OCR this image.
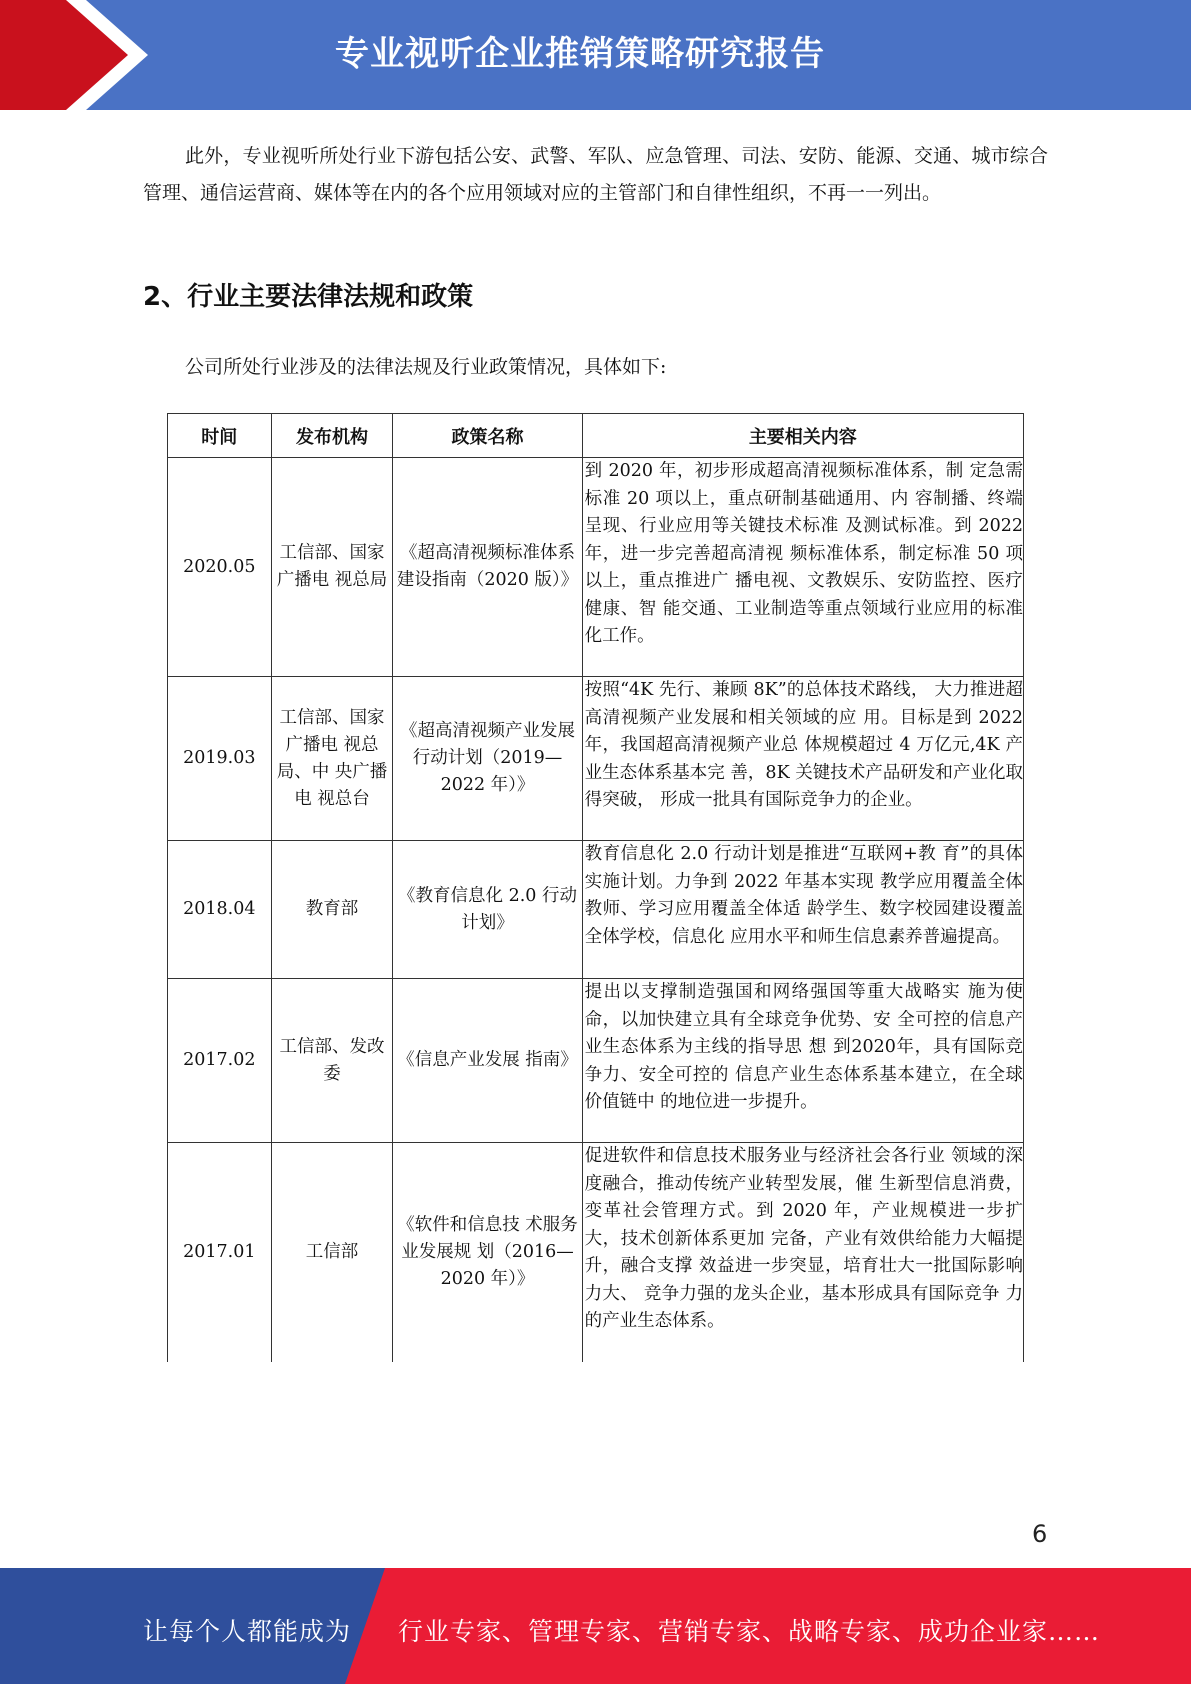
专业视听企业推销策略研究报告
此外，专业视听所处行业下游包括公安、武警、军队、应急管理、司法、安防、能源、交通、城市综合管理、通信运营商、媒体等在内的各个应用领域对应的主管部门和自律性组织，不再一一列出。
2、行业主要法律法规和政策
公司所处行业涉及的法律法规及行业政策情况，具体如下:
时间	发布机构	政策名称	主要相关内容
2020.05	工信部、国家广播电 视总局	《超高清视频标准体系建设指南（2020 版）》	到 2020 年，初步形成超高清视频标准体系，制 定急需标准 20 项以上，重点研制基础通用、内 容制播、终端呈现、行业应用等关键技术标准 及测试标准。到 2022 年，进一步完善超高清视 频标准体系，制定标准 50 项以上，重点推进广 播电视、文教娱乐、安防监控、医疗健康、智 能交通、工业制造等重点领域行业应用的标准 化工作。
2019.03	工信部、国家广播电 视总局、中 央广播电 视总台	《超高清视频产业发展行动计划（2019—2022 年）》	按照“4K 先行、兼顾 8K”的总体技术路线， 大力推进超高清视频产业发展和相关领域的应 用。目标是到 2022 年，我国超高清视频产业总 体规模超过 4 万亿元,4K 产业生态体系基本完 善，8K 关键技术产品研发和产业化取得突破， 形成一批具有国际竞争力的企业。
2018.04	教育部	《教育信息化 2.0 行动计划》	教育信息化 2.0 行动计划是推进“互联网+教 育”的具体实施计划。力争到 2022 年基本实现 教学应用覆盖全体教师、学习应用覆盖全体适 龄学生、数字校园建设覆盖全体学校，信息化 应用水平和师生信息素养普遍提高。
2017.02	工信部、发改委	《信息产业发展 指南》	提出以支撑制造强国和网络强国等重大战略实 施为使命，以加快建立具有全球竞争优势、安 全可控的信息产业生态体系为主线的指导思 想 到2020年，具有国际竞争力、安全可控的 信息产业生态体系基本建立，在全球价值链中 的地位进一步提升。
2017.01	工信部	《软件和信息技 术服务业发展规 划（2016— 2020 年）》	促进软件和信息技术服务业与经济社会各行业 领域的深度融合，推动传统产业转型发展，催 生新型信息消费，变革社会管理方式。到 2020 年，产业规模进一步扩大，技术创新体系更加 完备，产业有效供给能力大幅提升，融合支撑 效益进一步突显，培育壮大一批国际影响力大、 竞争力强的龙头企业，基本形成具有国际竞争 力的产业生态体系。
6
让每个人都能成为 行业专家、管理专家、营销专家、战略专家、成功企业家……
